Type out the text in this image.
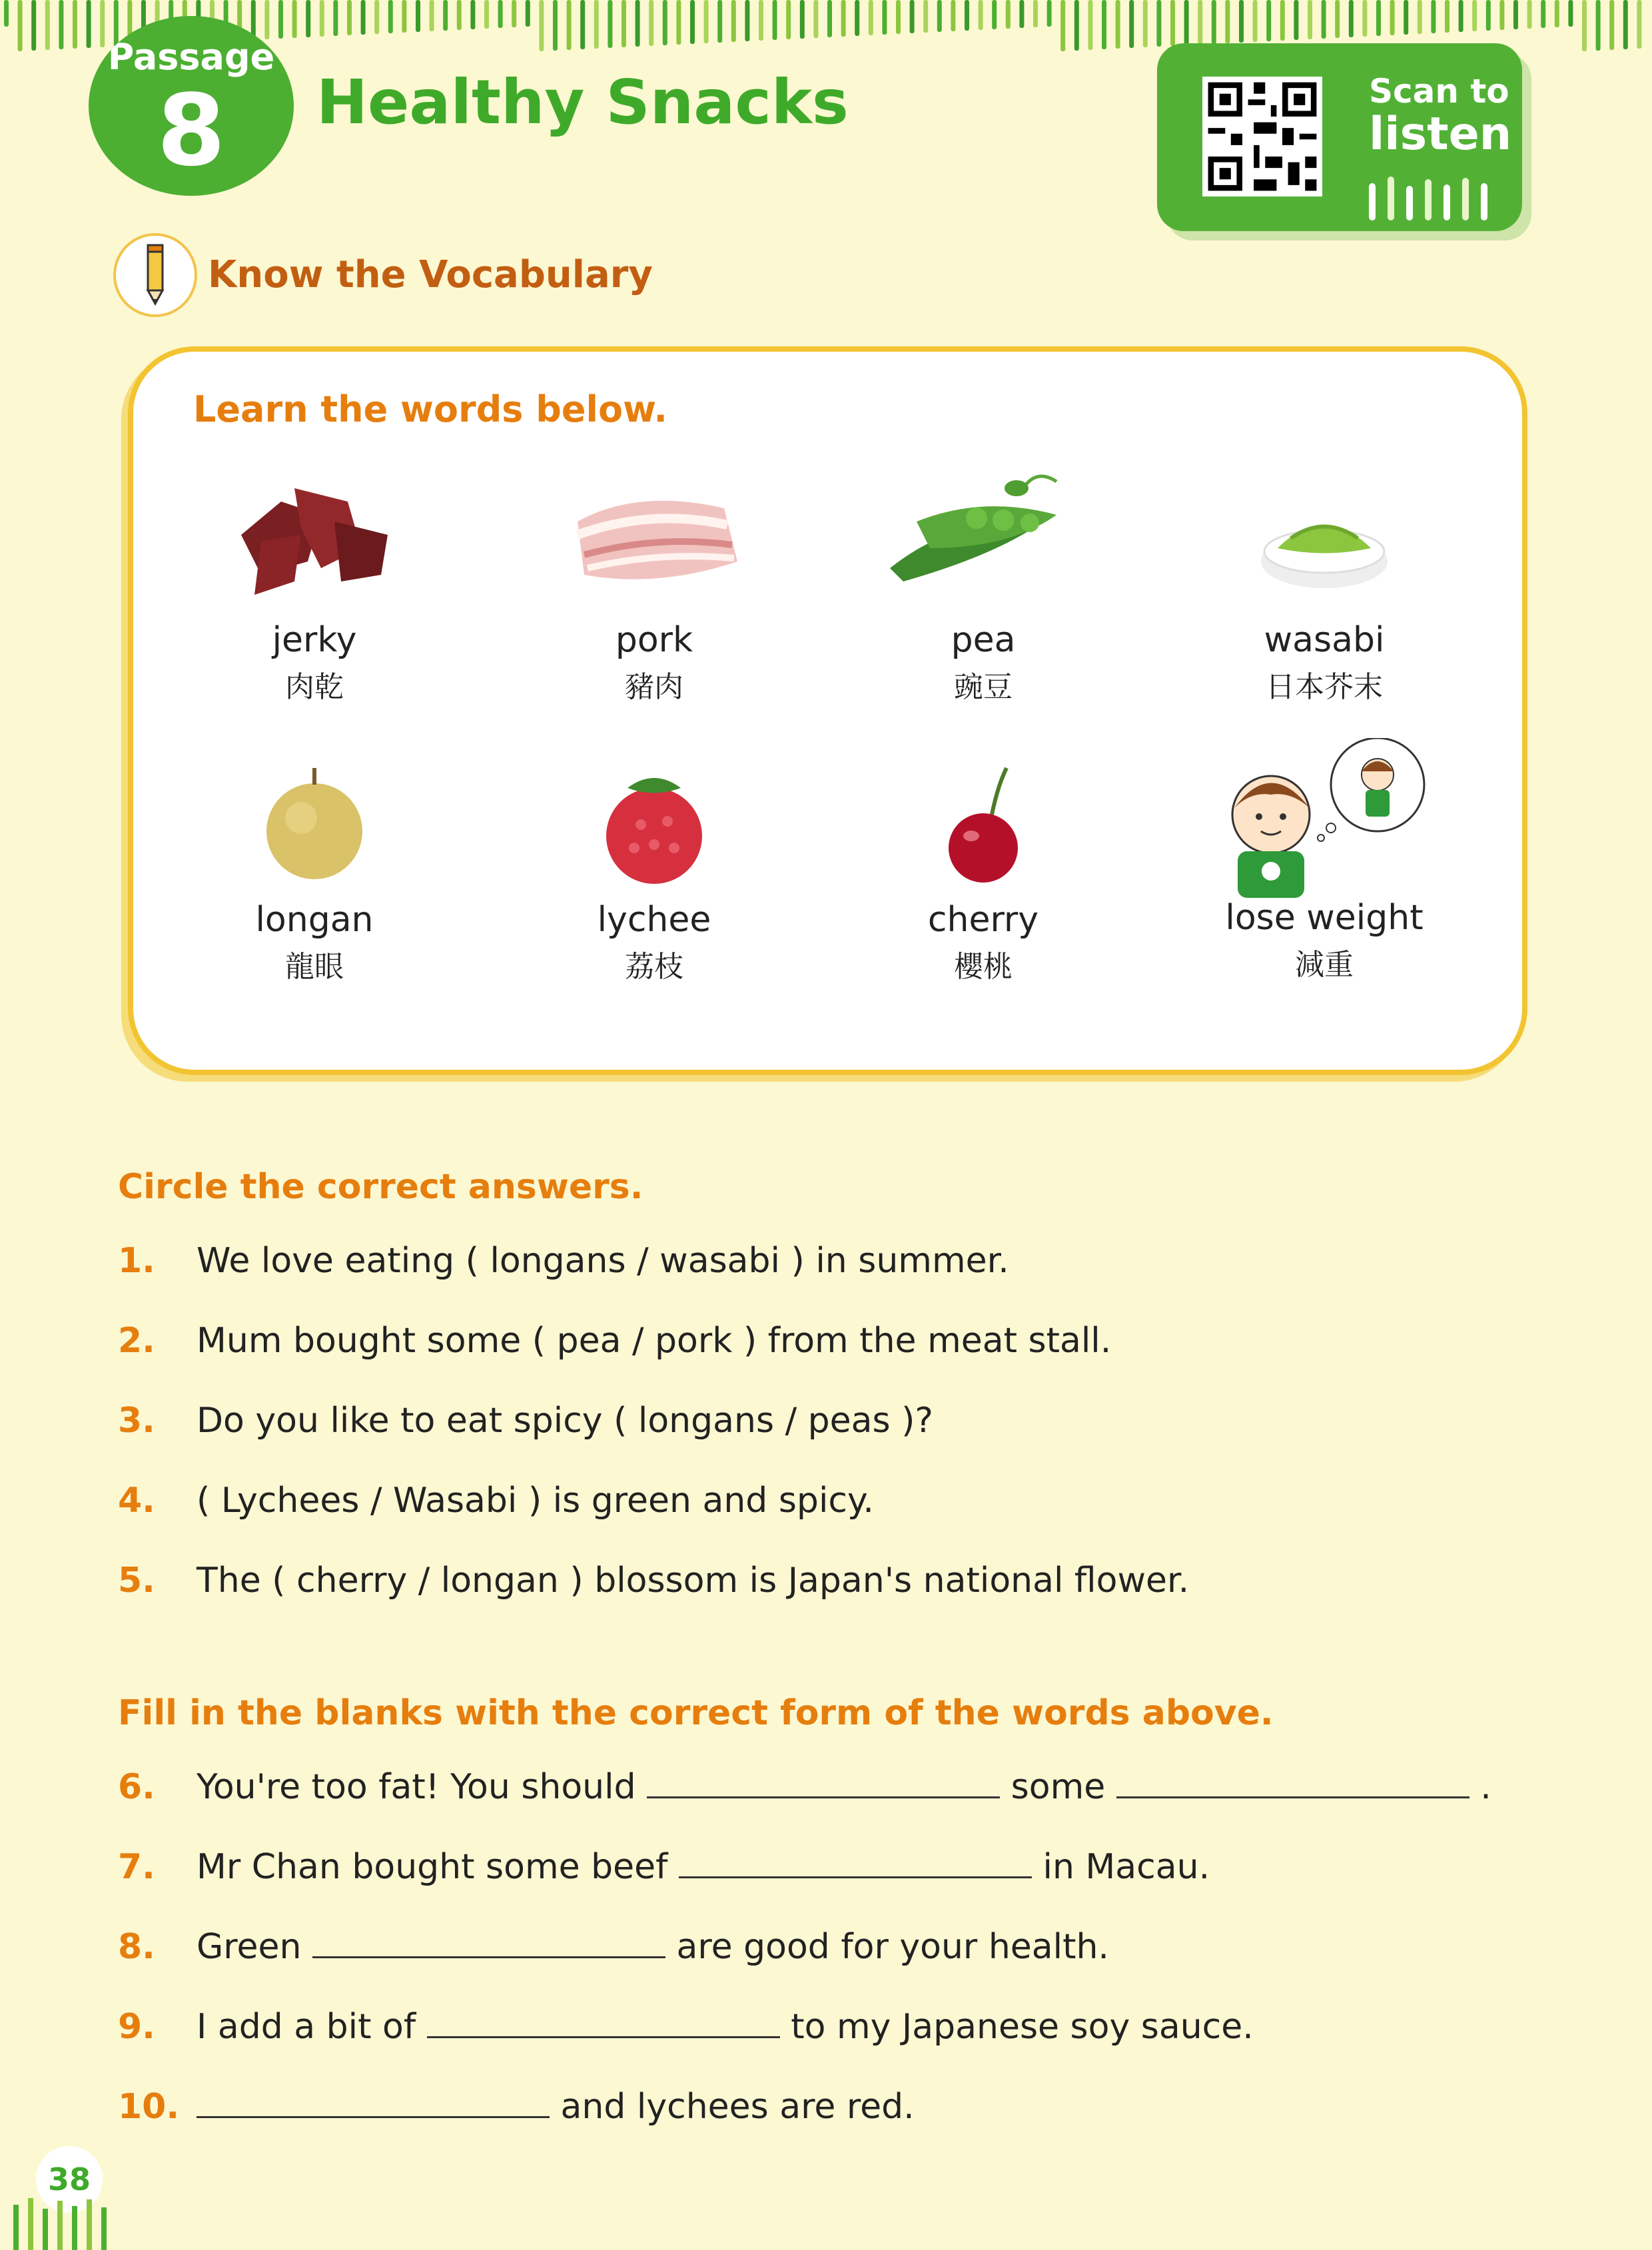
Passage
8	Healthy Snacks	Scan to
listen
Know the Vocabulary
Learn the words below.
jerky
肉乾
pork
豬肉
pea
豌豆
wasabi
日本芥末
longan
龍眼
lychee
荔枝
cherry
櫻桃
lose weight
減重
Circle the correct answers.
1. We love eating ( longans / wasabi ) in summer.
2. Mum bought some ( pea / pork ) from the meat stall.
3. Do you like to eat spicy ( longans / peas )?
4. ( Lychees / Wasabi ) is green and spicy.
5. The ( cherry / longan ) blossom is Japan's national flower.
Fill in the blanks with the correct form of the words above.
6. You're too fat! You should	some	.
7. Mr Chan bought some beef	in Macau.
8. Green	are good for your health.
9. I add a bit of	to my Japanese soy sauce.
10.	and lychees are red.
38
